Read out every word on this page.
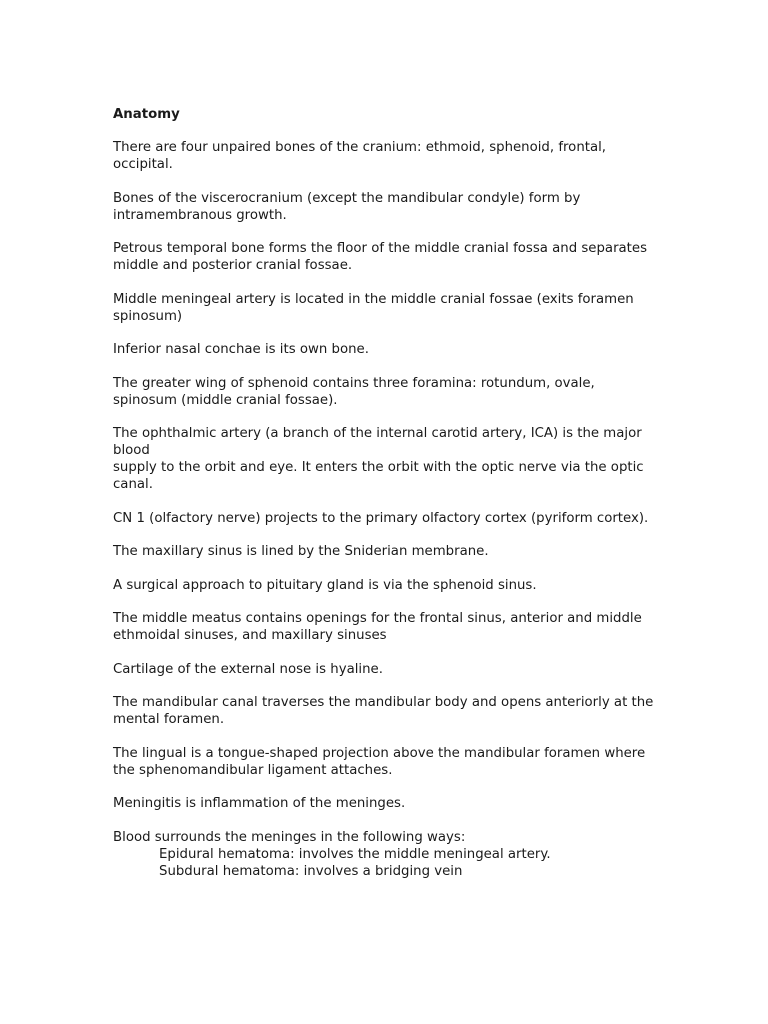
Anatomy
There are four unpaired bones of the cranium: ethmoid, sphenoid, frontal, occipital.
Bones of the viscerocranium (except the mandibular condyle) form by intramembranous growth.
Petrous temporal bone forms the floor of the middle cranial fossa and separates middle and posterior cranial fossae.
Middle meningeal artery is located in the middle cranial fossae (exits foramen spinosum)
Inferior nasal conchae is its own bone.
The greater wing of sphenoid contains three foramina: rotundum, ovale, spinosum (middle cranial fossae).
The ophthalmic artery (a branch of the internal carotid artery, ICA) is the major blood
supply to the orbit and eye. It enters the orbit with the optic nerve via the optic canal.
CN 1 (olfactory nerve) projects to the primary olfactory cortex (pyriform cortex).
The maxillary sinus is lined by the Sniderian membrane.
A surgical approach to pituitary gland is via the sphenoid sinus.
The middle meatus contains openings for the frontal sinus, anterior and middle ethmoidal sinuses, and maxillary sinuses
Cartilage of the external nose is hyaline.
The mandibular canal traverses the mandibular body and opens anteriorly at the mental foramen.
The lingual is a tongue-shaped projection above the mandibular foramen where the sphenomandibular ligament attaches.
Meningitis is inflammation of the meninges.
Blood surrounds the meninges in the following ways:
Epidural hematoma: involves the middle meningeal artery.
Subdural hematoma: involves a bridging vein
